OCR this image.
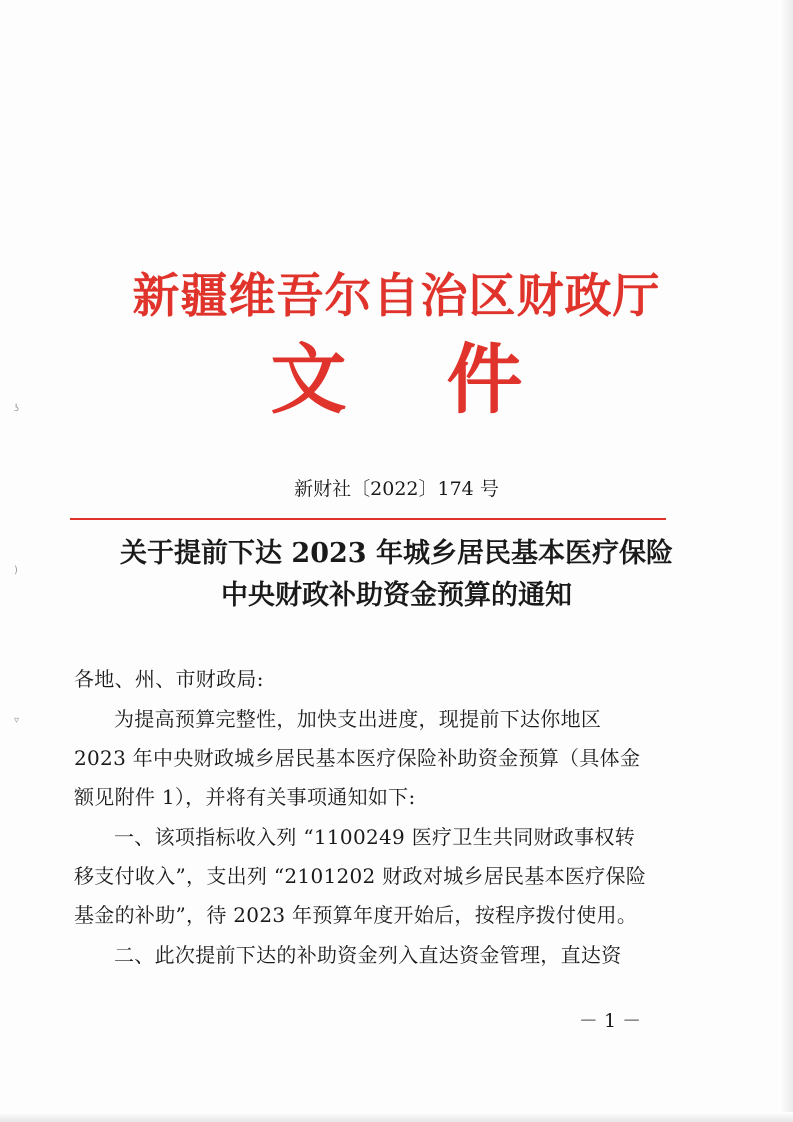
ʖ
)
▿
新疆维吾尔自治区财政厅
文件
新财社〔2022〕174 号
关于提前下达 2023 年城乡居民基本医疗保险
中央财政补助资金预算的通知
各地、州、市财政局:
为提高预算完整性，加快支出进度，现提前下达你地区
2023 年中央财政城乡居民基本医疗保险补助资金预算（具体金
额见附件 1），并将有关事项通知如下:
一、该项指标收入列 “1100249 医疗卫生共同财政事权转
移支付收入”，支出列 “2101202 财政对城乡居民基本医疗保险
基金的补助”，待 2023 年预算年度开始后，按程序拨付使用。
二、此次提前下达的补助资金列入直达资金管理，直达资
－ 1 －
